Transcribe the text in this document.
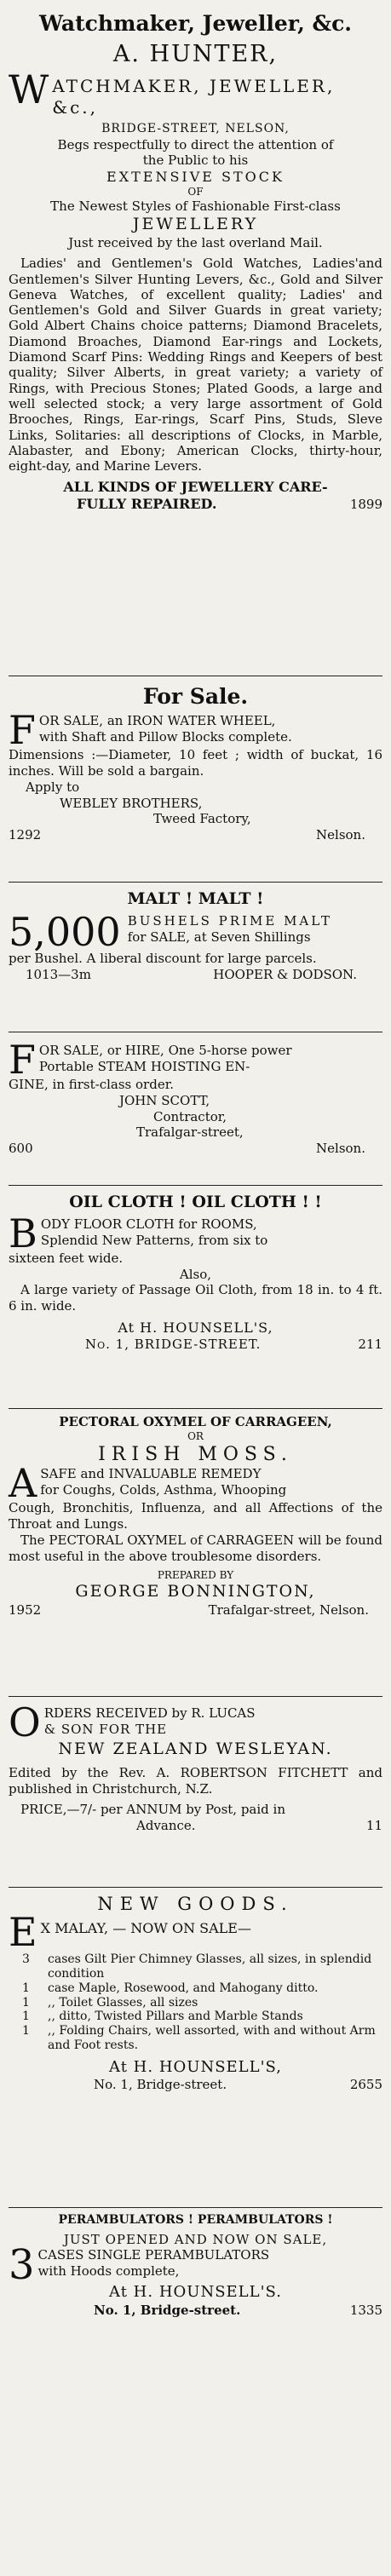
Watchmaker, Jeweller, &c.
A. HUNTER,
W ATCHMAKER, JEWELLER, &c.,
BRIDGE-STREET, NELSON,
Begs respectfully to direct the attention of
the Public to his
EXTENSIVE STOCK
OF
The Newest Styles of Fashionable First-class
JEWELLERY
Just received by the last overland Mail.
Ladies' and Gentlemen's Gold Watches, Ladies'and Gentlemen's Silver Hunting Levers, &c., Gold and Silver Geneva Watches, of excellent quality; Ladies' and Gentlemen's Gold and Silver Guards in great variety; Gold Albert Chains choice patterns; Diamond Bracelets, Diamond Broaches, Diamond Ear-rings and Lockets, Diamond Scarf Pins: Wedding Rings and Keepers of best quality; Silver Alberts, in great variety; a variety of Rings, with Precious Stones; Plated Goods, a large and well selected stock; a very large assortment of Gold Brooches, Rings, Ear-rings, Scarf Pins, Studs, Sleve Links, Solitaries: all descriptions of Clocks, in Marble, Alabaster, and Ebony; American Clocks, thirty-hour, eight-day, and Marine Levers.
ALL KINDS OF JEWELLERY CARE-
FULLY REPAIRED.	1899
For Sale.
F OR SALE, an IRON WATER WHEEL,
with Shaft and Pillow Blocks complete.
Dimensions :—Diameter, 10 feet ; width of buckat, 16 inches. Will be sold a bargain.
Apply to
WEBLEY BROTHERS,
Tweed Factory,
1292	Nelson.
MALT ! MALT !
5,000 BUSHELS PRIME MALT
for SALE, at Seven Shillings
per Bushel. A liberal discount for large parcels.
1013—3m	HOOPER & DODSON.
F OR SALE, or HIRE, One 5-horse power
Portable STEAM HOISTING EN-
GINE, in first-class order.
JOHN SCOTT,
Contractor,
Trafalgar-street,
600	Nelson.
OIL CLOTH ! OIL CLOTH ! !
B ODY FLOOR CLOTH for ROOMS,
Splendid New Patterns, from six to
sixteen feet wide.
Also,
A large variety of Passage Oil Cloth, from 18 in. to 4 ft. 6 in. wide.
At H. HOUNSELL'S,
No. 1, BRIDGE-STREET.	211
PECTORAL OXYMEL OF CARRAGEEN,
OR
IRISH MOSS.
A SAFE and INVALUABLE REMEDY
for Coughs, Colds, Asthma, Whooping
Cough, Bronchitis, Influenza, and all Affections of the Throat and Lungs.
The PECTORAL OXYMEL of CARRAGEEN will be found most useful in the above troublesome disorders.
PREPARED BY
GEORGE BONNINGTON,
1952	Trafalgar-street, Nelson.
O RDERS RECEIVED by R. LUCAS
& SON FOR THE
NEW ZEALAND WESLEYAN.
Edited by the Rev. A. ROBERTSON FITCHETT and published in Christchurch, N.Z.
PRICE,—7/- per ANNUM by Post, paid in
Advance.	11
NEW GOODS.
E X MALAY, — NOW ON SALE—
3	cases Gilt Pier Chimney Glasses, all sizes, in splendid condition
1	case Maple, Rosewood, and Mahogany ditto.
1	,, Toilet Glasses, all sizes
1	,, ditto, Twisted Pillars and Marble Stands
1	,, Folding Chairs, well assorted, with and without Arm and Foot rests.
At H. HOUNSELL'S,
No. 1, Bridge-street.	2655
PERAMBULATORS ! PERAMBULATORS !
JUST OPENED AND NOW ON SALE,
3 CASES SINGLE PERAMBULATORS
with Hoods complete,
At H. HOUNSELL'S.
No. 1, Bridge-street.	1335
